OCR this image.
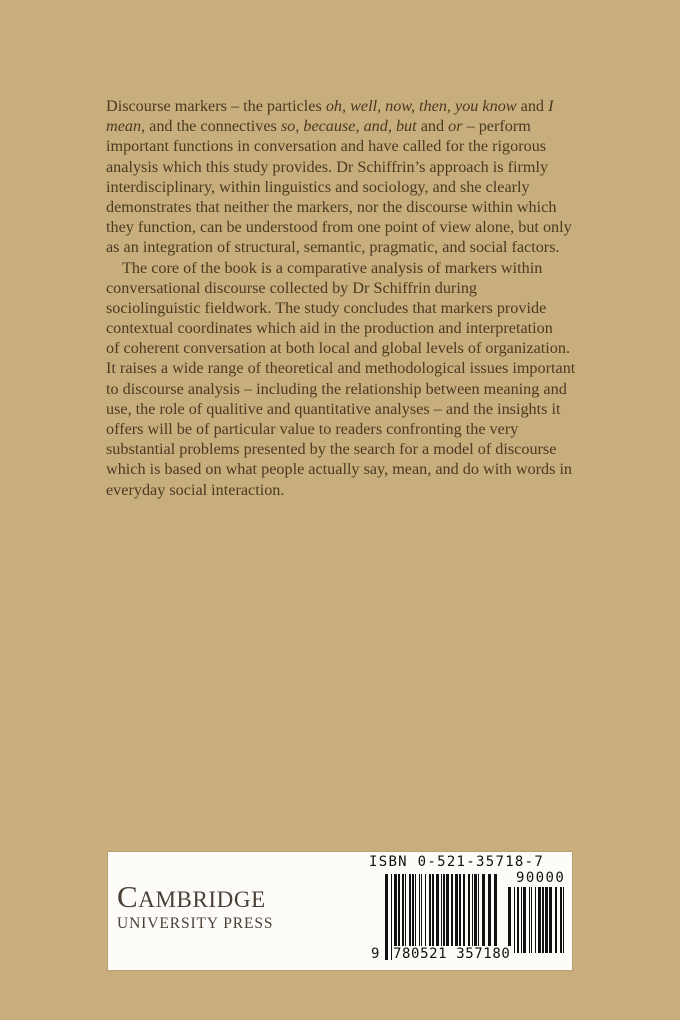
Discourse markers – the particles oh, well, now, then, you know and I
mean, and the connectives so, because, and, but and or – perform
important functions in conversation and have called for the rigorous
analysis which this study provides. Dr Schiffrin’s approach is firmly
interdisciplinary, within linguistics and sociology, and she clearly
demonstrates that neither the markers, nor the discourse within which
they function, can be understood from one point of view alone, but only
as an integration of structural, semantic, pragmatic, and social factors.
The core of the book is a comparative analysis of markers within
conversational discourse collected by Dr Schiffrin during
sociolinguistic fieldwork. The study concludes that markers provide
contextual coordinates which aid in the production and interpretation
of coherent conversation at both local and global levels of organization.
It raises a wide range of theoretical and methodological issues important
to discourse analysis – including the relationship between meaning and
use, the role of qualitive and quantitative analyses – and the insights it
offers will be of particular value to readers confronting the very
substantial problems presented by the search for a model of discourse
which is based on what people actually say, mean, and do with words in
everyday social interaction.
CAMBRIDGE
UNIVERSITY PRESS
ISBN 0-521-35718-7
90000
9 780521 357180
